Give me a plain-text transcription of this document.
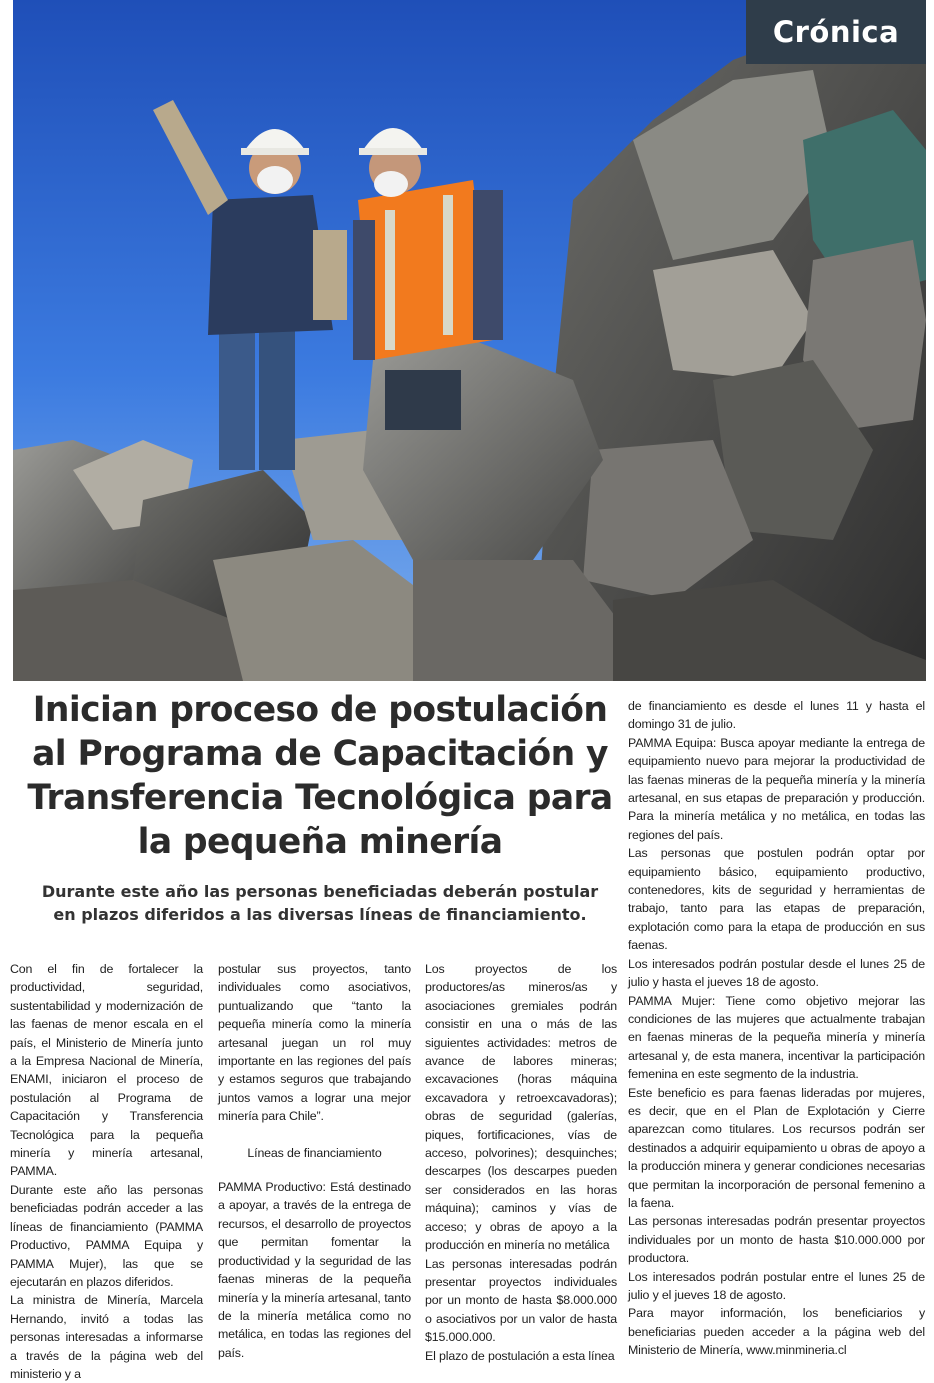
Crónica
Inician proceso de postulación al Programa de Capacitación y Transferencia Tecnológica para la pequeña minería

Durante este año las personas beneficiadas deberán postular en plazos diferidos a las diversas líneas de financiamiento.

Con el fin de fortalecer la productividad, seguridad, sustentabilidad y modernización de las faenas de menor escala en el país, el Ministerio de Minería junto a la Empresa Nacional de Minería, ENAMI, iniciaron el proceso de postulación al Programa de Capacitación y Transferencia Tecnológica para la pequeña minería y minería artesanal, PAMMA.

Durante este año las personas beneficiadas podrán acceder a las líneas de financiamiento (PAMMA Productivo, PAMMA Equipa y PAMMA Mujer), las que se ejecutarán en plazos diferidos.

La ministra de Minería, Marcela Hernando, invitó a todas las personas interesadas a informarse a través de la página web del ministerio y a

postular sus proyectos, tanto individuales como asociativos, puntualizando que “tanto la pequeña minería como la minería artesanal juegan un rol muy importante en las regiones del país y estamos seguros que trabajando juntos vamos a lograr una mejor minería para Chile”.

Líneas de financiamiento

PAMMA Productivo: Está destinado a apoyar, a través de la entrega de recursos, el desarrollo de proyectos que permitan fomentar la productividad y la seguridad de las faenas mineras de la pequeña minería y la minería artesanal, tanto de la minería metálica como no metálica, en todas las regiones del país.

Los proyectos de los productores/as mineros/as y asociaciones gremiales podrán consistir en una o más de las siguientes actividades: metros de avance de labores mineras; excavaciones (horas máquina excavadora y retroexcavadoras); obras de seguridad (galerías, piques, fortificaciones, vías de acceso, polvorines); desquinches; descarpes (los descarpes pueden ser considerados en las horas máquina); caminos y vías de acceso; y obras de apoyo a la producción en minería no metálica

Las personas interesadas podrán presentar proyectos individuales por un monto de hasta $8.000.000 o asociativos por un valor de hasta $15.000.000.

El plazo de postulación a esta línea

de financiamiento es desde el lunes 11 y hasta el domingo 31 de julio.

PAMMA Equipa: Busca apoyar mediante la entrega de equipamiento nuevo para mejorar la productividad de las faenas mineras de la pequeña minería y la minería artesanal, en sus etapas de preparación y producción. Para la minería metálica y no metálica, en todas las regiones del país.

Las personas que postulen podrán optar por equipamiento básico, equipamiento productivo, contenedores, kits de seguridad y herramientas de trabajo, tanto para las etapas de preparación, explotación como para la etapa de producción en sus faenas.

Los interesados podrán postular desde el lunes 25 de julio y hasta el jueves 18 de agosto.

PAMMA Mujer: Tiene como objetivo mejorar las condiciones de las mujeres que actualmente trabajan en faenas mineras de la pequeña minería y minería artesanal y, de esta manera, incentivar la participación femenina en este segmento de la industria.

Este beneficio es para faenas lideradas por mujeres, es decir, que en el Plan de Explotación y Cierre aparezcan como titulares. Los recursos podrán ser destinados a adquirir equipamiento u obras de apoyo a la producción minera y generar condiciones necesarias que permitan la incorporación de personal femenino a la faena.

Las personas interesadas podrán presentar proyectos individuales por un monto de hasta $10.000.000 por productora.

Los interesados podrán postular entre el lunes 25 de julio y el jueves 18 de agosto.

Para mayor información, los beneficiarios y beneficiarias pueden acceder a la página web del Ministerio de Minería, www.minmineria.cl
